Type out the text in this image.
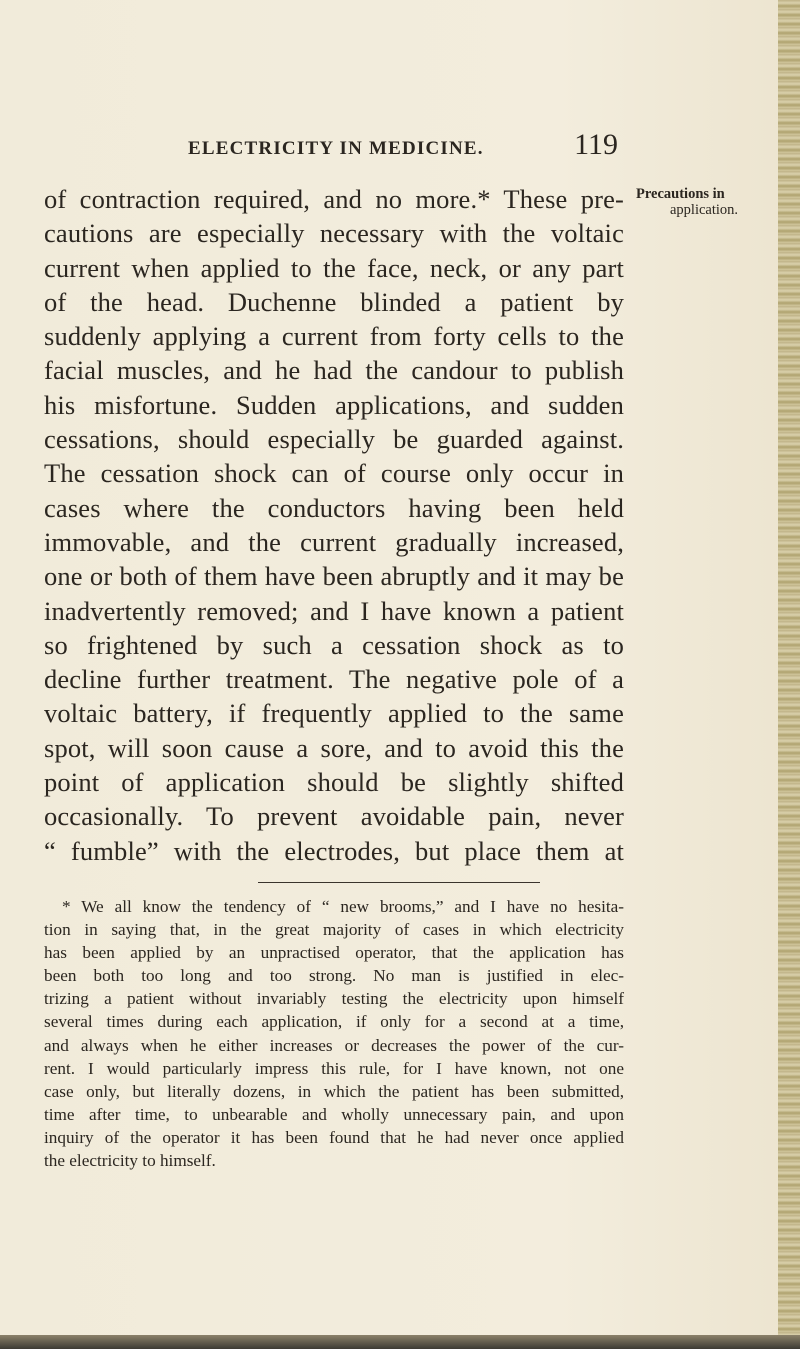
ELECTRICITY IN MEDICINE.	119
Precautions in
application.
of contraction required, and no more.* These pre-
cautions are especially necessary with the voltaic
current when applied to the face, neck, or any part
of the head. Duchenne blinded a patient by
suddenly applying a current from forty cells to the
facial muscles, and he had the candour to publish
his misfortune. Sudden applications, and sudden
cessations, should especially be guarded against.
The cessation shock can of course only occur in
cases where the conductors having been held
immovable, and the current gradually increased,
one or both of them have been abruptly and it may be
inadvertently removed; and I have known a patient
so frightened by such a cessation shock as to
decline further treatment. The negative pole of a
voltaic battery, if frequently applied to the same
spot, will soon cause a sore, and to avoid this the
point of application should be slightly shifted
occasionally. To prevent avoidable pain, never
“ fumble” with the electrodes, but place them at
* We all know the tendency of “ new brooms,” and I have no hesita-
tion in saying that, in the great majority of cases in which electricity
has been applied by an unpractised operator, that the application has
been both too long and too strong. No man is justified in elec-
trizing a patient without invariably testing the electricity upon himself
several times during each application, if only for a second at a time,
and always when he either increases or decreases the power of the cur-
rent. I would particularly impress this rule, for I have known, not one
case only, but literally dozens, in which the patient has been submitted,
time after time, to unbearable and wholly unnecessary pain, and upon
inquiry of the operator it has been found that he had never once applied
the electricity to himself.
